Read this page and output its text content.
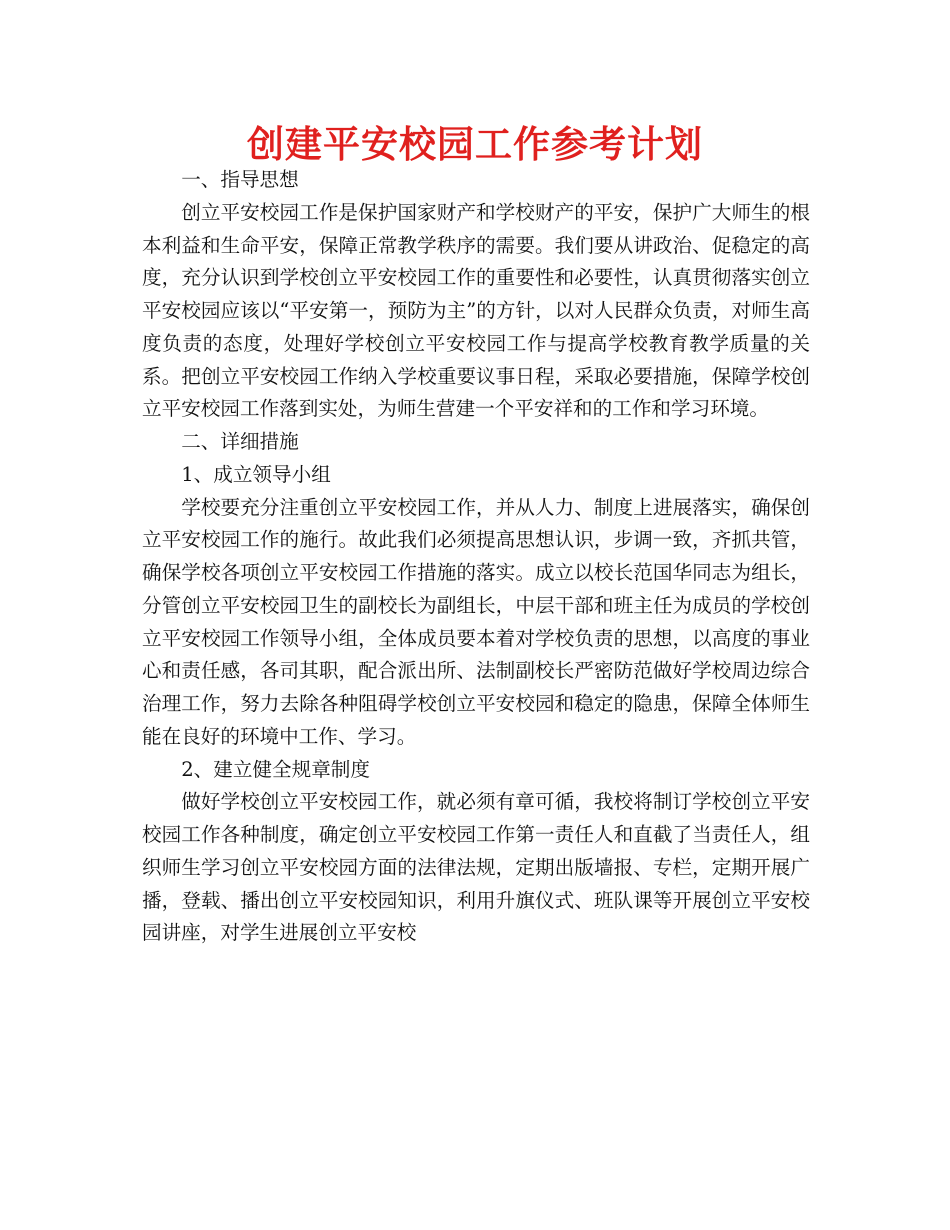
创建平安校园工作参考计划

一、指导思想

创立平安校园工作是保护国家财产和学校财产的平安，保护广大师生的根本利益和生命平安，保障正常教学秩序的需要。我们要从讲政治、促稳定的高度，充分认识到学校创立平安校园工作的重要性和必要性，认真贯彻落实创立平安校园应该以“平安第一，预防为主”的方针，以对人民群众负责，对师生高度负责的态度，处理好学校创立平安校园工作与提高学校教育教学质量的关系。把创立平安校园工作纳入学校重要议事日程，采取必要措施，保障学校创立平安校园工作落到实处，为师生营建一个平安祥和的工作和学习环境。

二、详细措施

1、成立领导小组

学校要充分注重创立平安校园工作，并从人力、制度上进展落实，确保创立平安校园工作的施行。故此我们必须提高思想认识，步调一致，齐抓共管，确保学校各项创立平安校园工作措施的落实。成立以校长范国华同志为组长，分管创立平安校园卫生的副校长为副组长，中层干部和班主任为成员的学校创立平安校园工作领导小组，全体成员要本着对学校负责的思想，以高度的事业心和责任感，各司其职，配合派出所、法制副校长严密防范做好学校周边综合治理工作，努力去除各种阻碍学校创立平安校园和稳定的隐患，保障全体师生能在良好的环境中工作、学习。

2、建立健全规章制度

做好学校创立平安校园工作，就必须有章可循，我校将制订学校创立平安校园工作各种制度，确定创立平安校园工作第一责任人和直截了当责任人，组织师生学习创立平安校园方面的法律法规，定期出版墙报、专栏，定期开展广播，登载、播出创立平安校园知识，利用升旗仪式、班队课等开展创立平安校园讲座，对学生进展创立平安校
